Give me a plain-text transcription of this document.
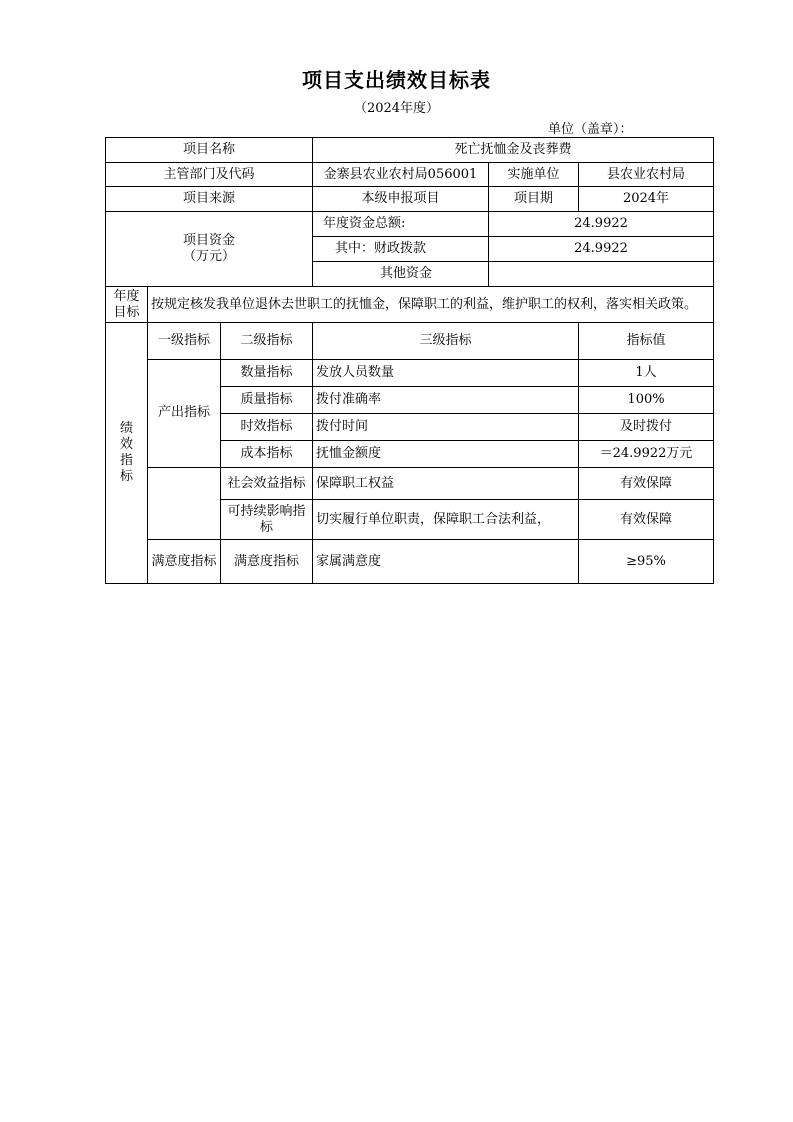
项目支出绩效目标表
（2024年度）
单位（盖章）：
项目名称			死亡抚恤金及丧葬费		
主管部门及代码			金寨县农业农村局056001	实施单位	县农业农村局
项目来源			本级申报项目	项目期	2024年

项目资金
（万元）			年度资金总额:	24.9922	
			其中：财政拨款	24.9922	
			其他资金		

年度
目标	按规定核发我单位退休去世职工的抚恤金，保障职工的利益，维护职工的权利，落实相关政策。				

绩
效
指
标	一级指标	二级指标	三级指标		指标值
	产出指标	数量指标	发放人员数量		1人
		质量指标	拨付准确率		100%
		时效指标	拨付时间		及时拨付
		成本指标	抚恤金额度		＝24.9922万元
		社会效益指标	保障职工权益		有效保障
		可持续影响指标	切实履行单位职责，保障职工合法利益，		有效保障
	满意度指标	满意度指标	家属满意度		≥95%
